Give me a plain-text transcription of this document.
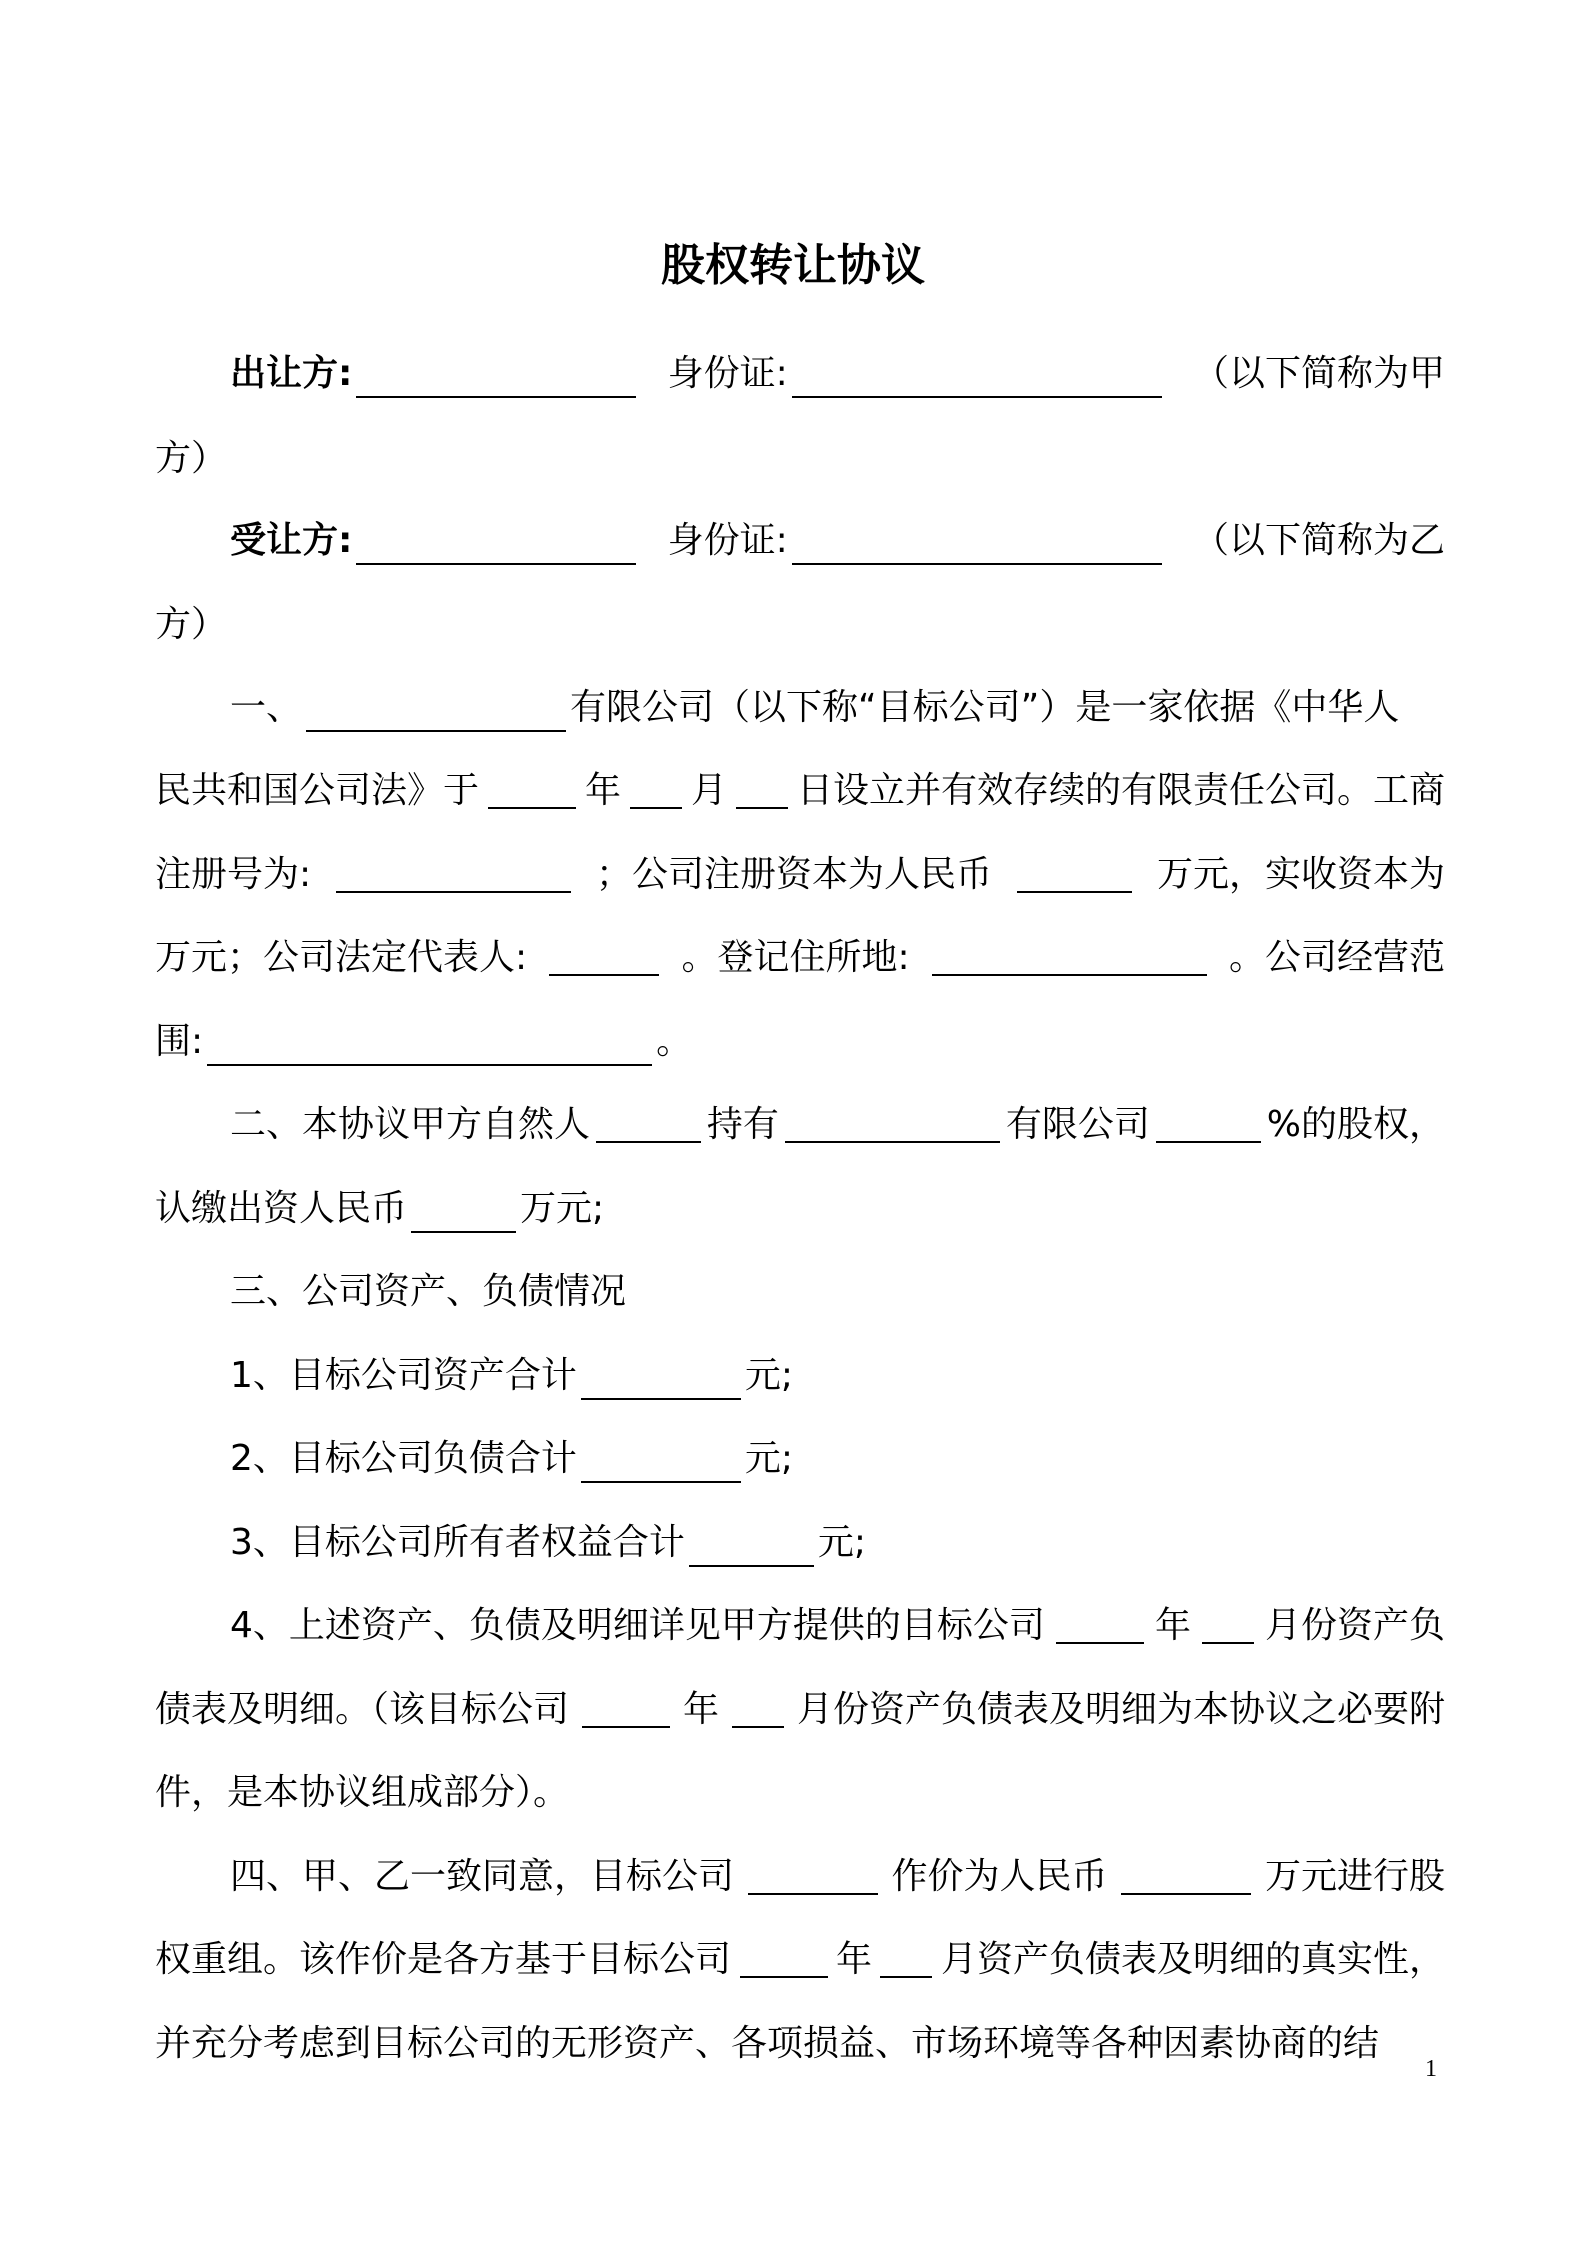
股权转让协议
出让方:	身份证:	（以下简称为甲
方）
受让方:	身份证:	（以下简称为乙
方）
一、	有限公司（以下称“目标公司”）是一家依据《中华人
民共和国公司法》于	年 月 日设立并有效存续的有限责任公司。工商
注册号为:	；公司注册资本为人民币	万元，实收资本为
万元；公司法定代表人:	。登记住所地:	。公司经营范
围:	。
二、本协议甲方自然人	持有	有限公司	%的股权，
认缴出资人民币	万元;
三、公司资产、负债情况
1、目标公司资产合计	元;
2、目标公司负债合计	元;
3、目标公司所有者权益合计	元;
4、上述资产、负债及明细详见甲方提供的目标公司	年 月份资产负
债表及明细。（该目标公司	年 月份资产负债表及明细为本协议之必要附
件，是本协议组成部分）。
四、甲、乙一致同意，目标公司	作价为人民币	万元进行股
权重组。该作价是各方基于目标公司	年 月资产负债表及明细的真实性，
并充分考虑到目标公司的无形资产、各项损益、市场环境等各种因素协商的结
1
